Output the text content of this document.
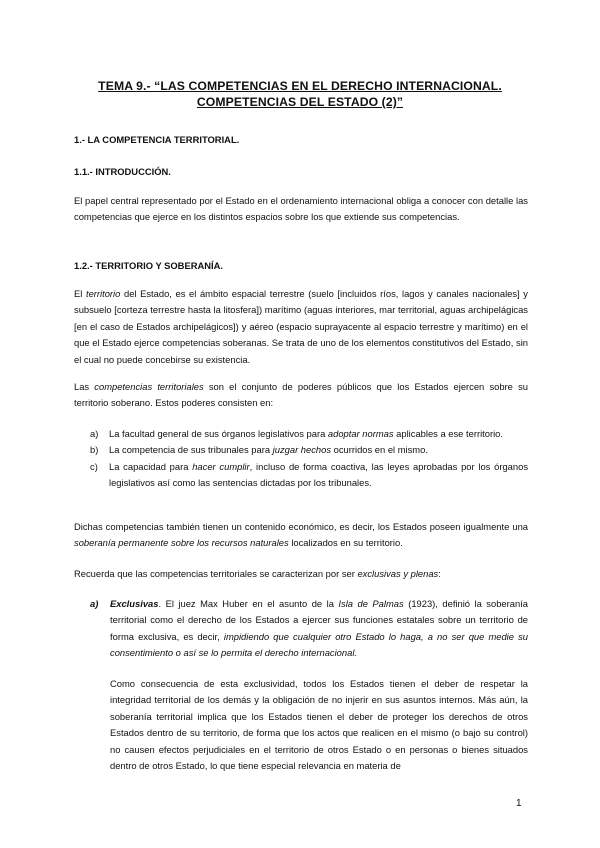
TEMA 9.- “LAS COMPETENCIAS EN EL DERECHO INTERNACIONAL.
COMPETENCIAS DEL ESTADO (2)”
1.- LA COMPETENCIA TERRITORIAL.
1.1.- INTRODUCCIÓN.

El papel central representado por el Estado en el ordenamiento internacional obliga a conocer con detalle las competencias que ejerce en los distintos espacios sobre los que extiende sus competencias.

1.2.- TERRITORIO Y SOBERANÍA.

El territorio del Estado, es el ámbito espacial terrestre (suelo [incluidos ríos, lagos y canales nacionales] y subsuelo [corteza terrestre hasta la litosfera]) marítimo (aguas interiores, mar territorial, aguas archipelágicas [en el caso de Estados archipelágicos]) y aéreo (espacio suprayacente al espacio terrestre y marítimo) en el que el Estado ejerce competencias soberanas. Se trata de uno de los elementos constitutivos del Estado, sin el cual no puede concebirse su existencia.

Las competencias territoriales son el conjunto de poderes públicos que los Estados ejercen sobre su territorio soberano. Estos poderes consisten en:

a) La facultad general de sus órganos legislativos para adoptar normas aplicables a ese territorio.
b) La competencia de sus tribunales para juzgar hechos ocurridos en el mismo.
c) La capacidad para hacer cumplir, incluso de forma coactiva, las leyes aprobadas por los órganos legislativos así como las sentencias dictadas por los tribunales.

Dichas competencias también tienen un contenido económico, es decir, los Estados poseen igualmente una soberanía permanente sobre los recursos naturales localizados en su territorio.

Recuerda que las competencias territoriales se caracterizan por ser exclusivas y plenas:

a) Exclusivas. El juez Max Huber en el asunto de la Isla de Palmas (1923), definió la soberanía territorial como el derecho de los Estados a ejercer sus funciones estatales sobre un territorio de forma exclusiva, es decir, impidiendo que cualquier otro Estado lo haga, a no ser que medie su consentimiento o así se lo permita el derecho internacional.

Como consecuencia de esta exclusividad, todos los Estados tienen el deber de respetar la integridad territorial de los demás y la obligación de no injerir en sus asuntos internos. Más aún, la soberanía territorial implica que los Estados tienen el deber de proteger los derechos de otros Estados dentro de su territorio, de forma que los actos que realicen en el mismo (o bajo su control) no causen efectos perjudiciales en el territorio de otros Estado o en personas o bienes situados dentro de otros Estado, lo que tiene especial relevancia en materia de

1
